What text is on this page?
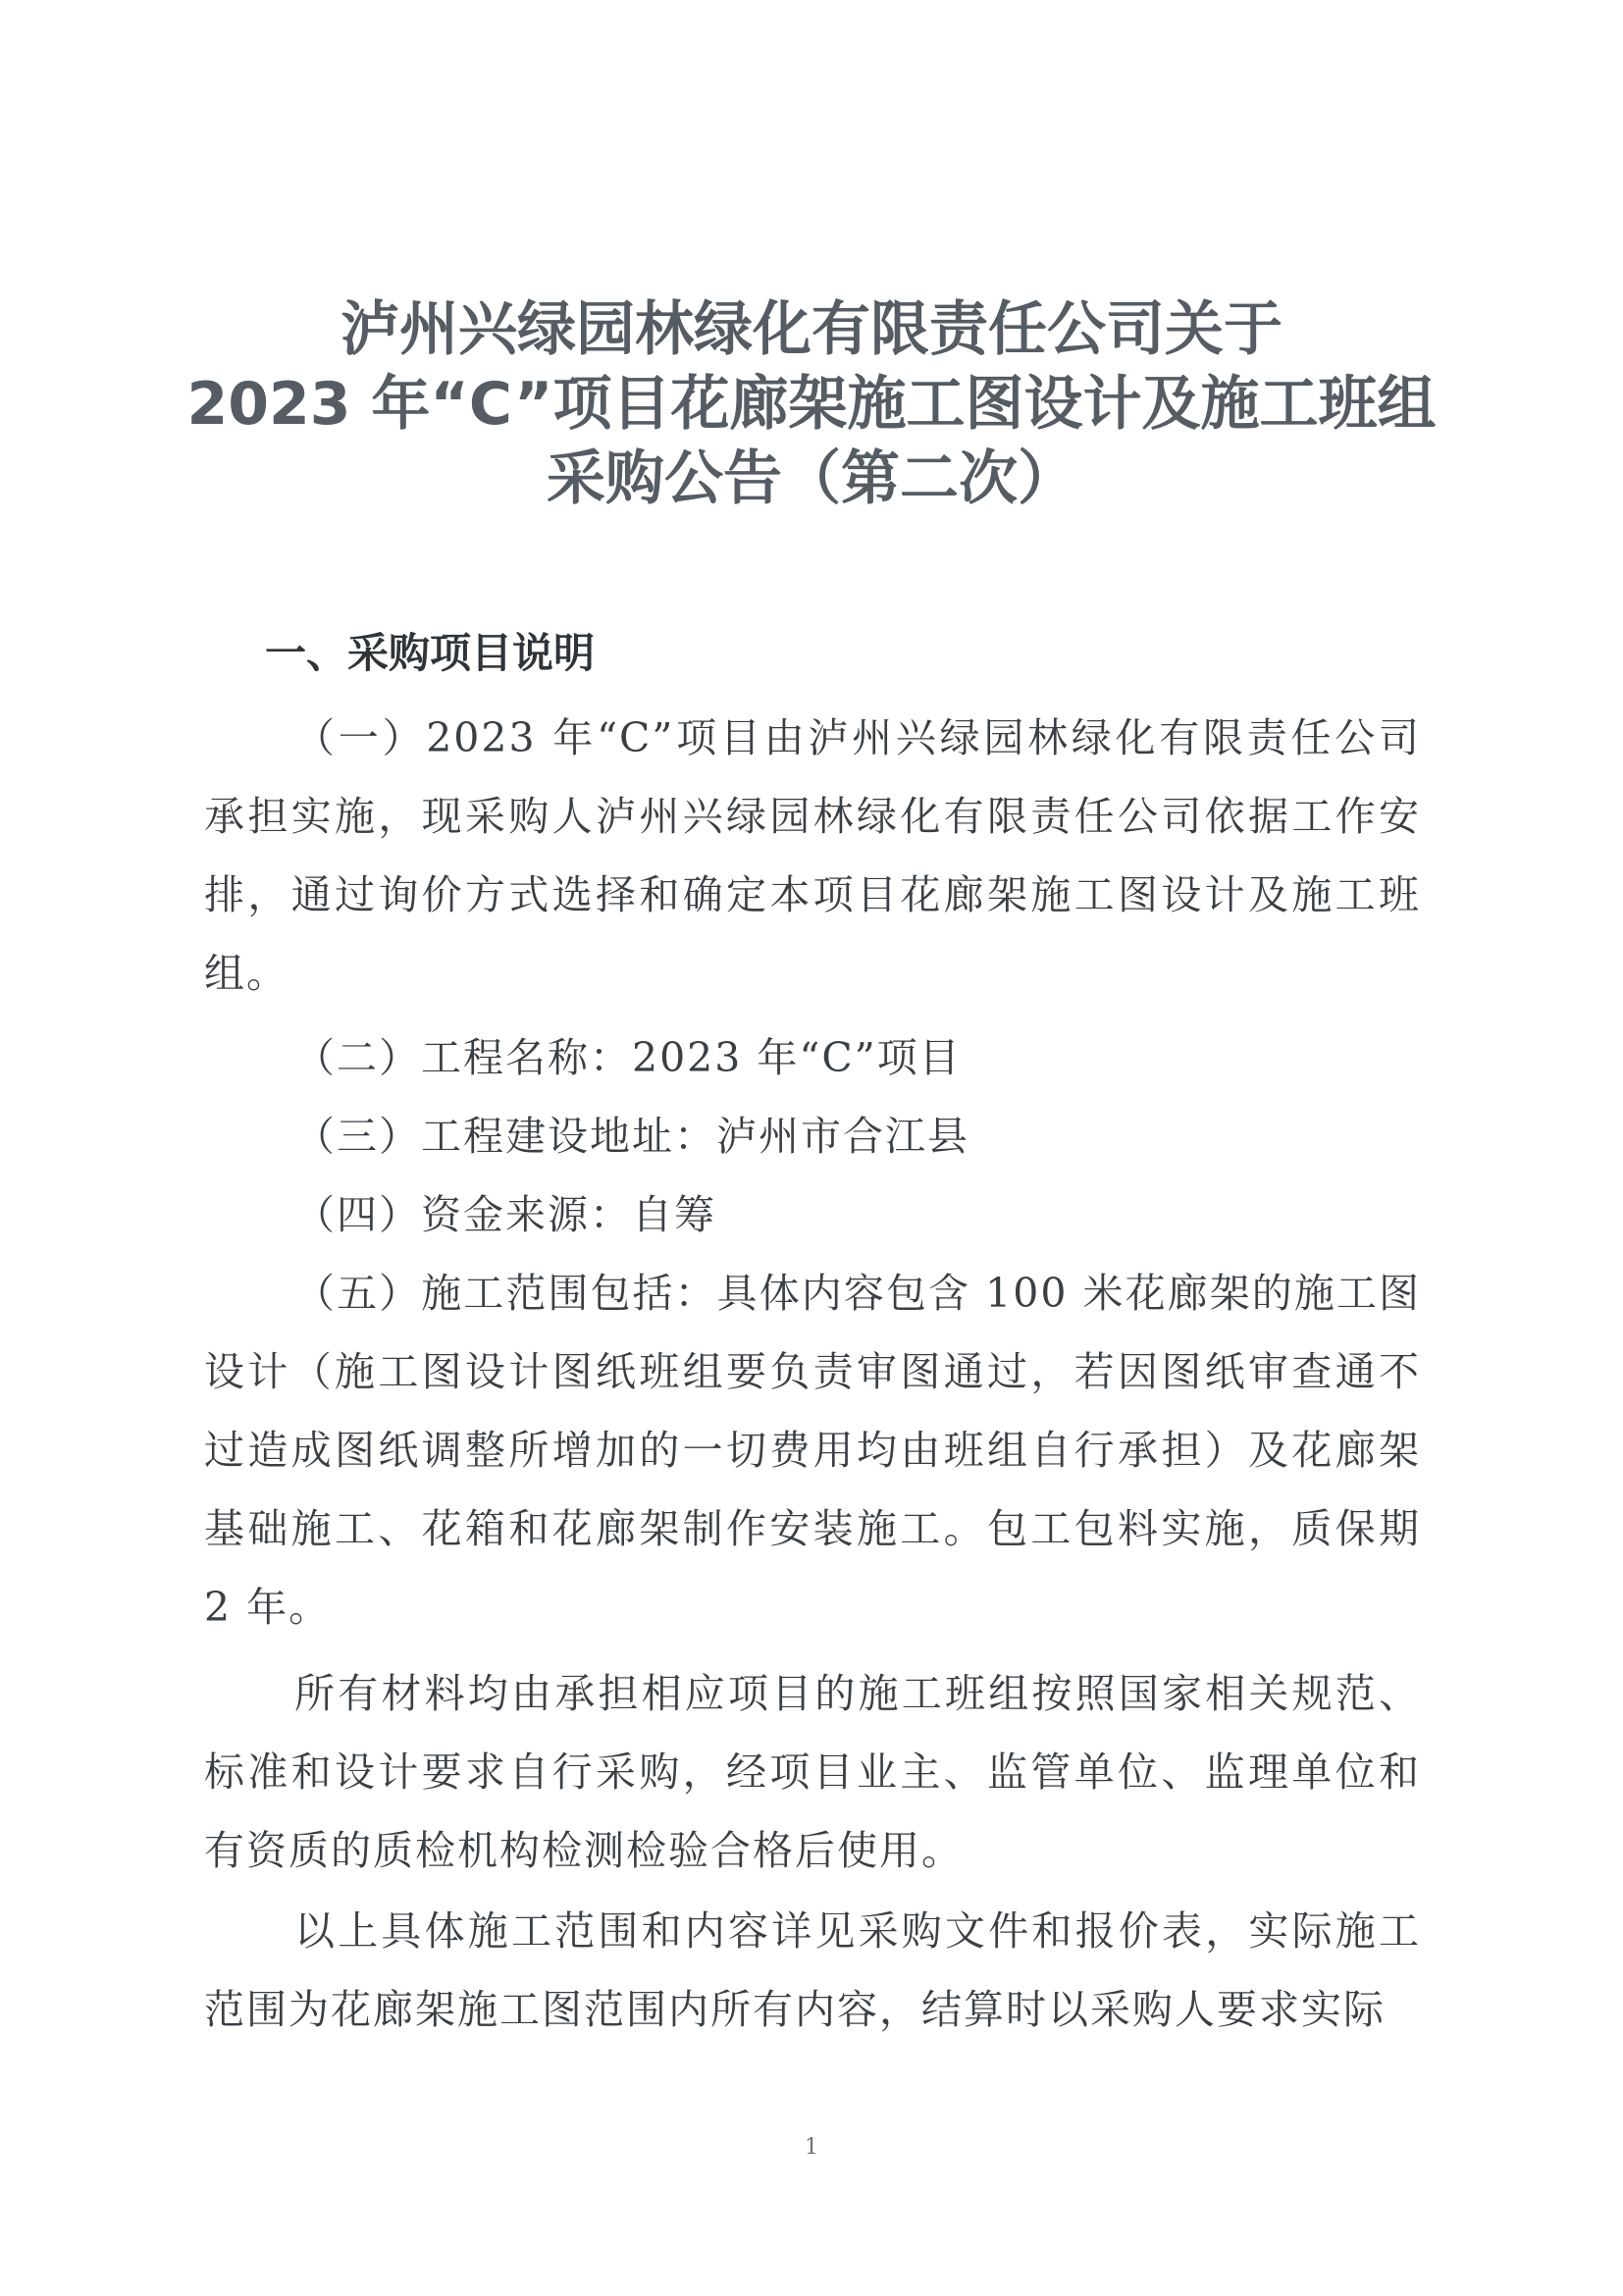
泸州兴绿园林绿化有限责任公司关于
2023 年“C”项目花廊架施工图设计及施工班组
采购公告（第二次）
一、采购项目说明

（一）2023 年“C”项目由泸州兴绿园林绿化有限责任公司承担实施，现采购人泸州兴绿园林绿化有限责任公司依据工作安排，通过询价方式选择和确定本项目花廊架施工图设计及施工班组。

（二）工程名称：2023 年“C”项目

（三）工程建设地址：泸州市合江县

（四）资金来源：自筹

（五）施工范围包括：具体内容包含 100 米花廊架的施工图设计（施工图设计图纸班组要负责审图通过，若因图纸审查通不过造成图纸调整所增加的一切费用均由班组自行承担）及花廊架基础施工、花箱和花廊架制作安装施工。包工包料实施，质保期 2 年。

所有材料均由承担相应项目的施工班组按照国家相关规范、标准和设计要求自行采购，经项目业主、监管单位、监理单位和有资质的质检机构检测检验合格后使用。

以上具体施工范围和内容详见采购文件和报价表，实际施工范围为花廊架施工图范围内所有内容，结算时以采购人要求实际

1
